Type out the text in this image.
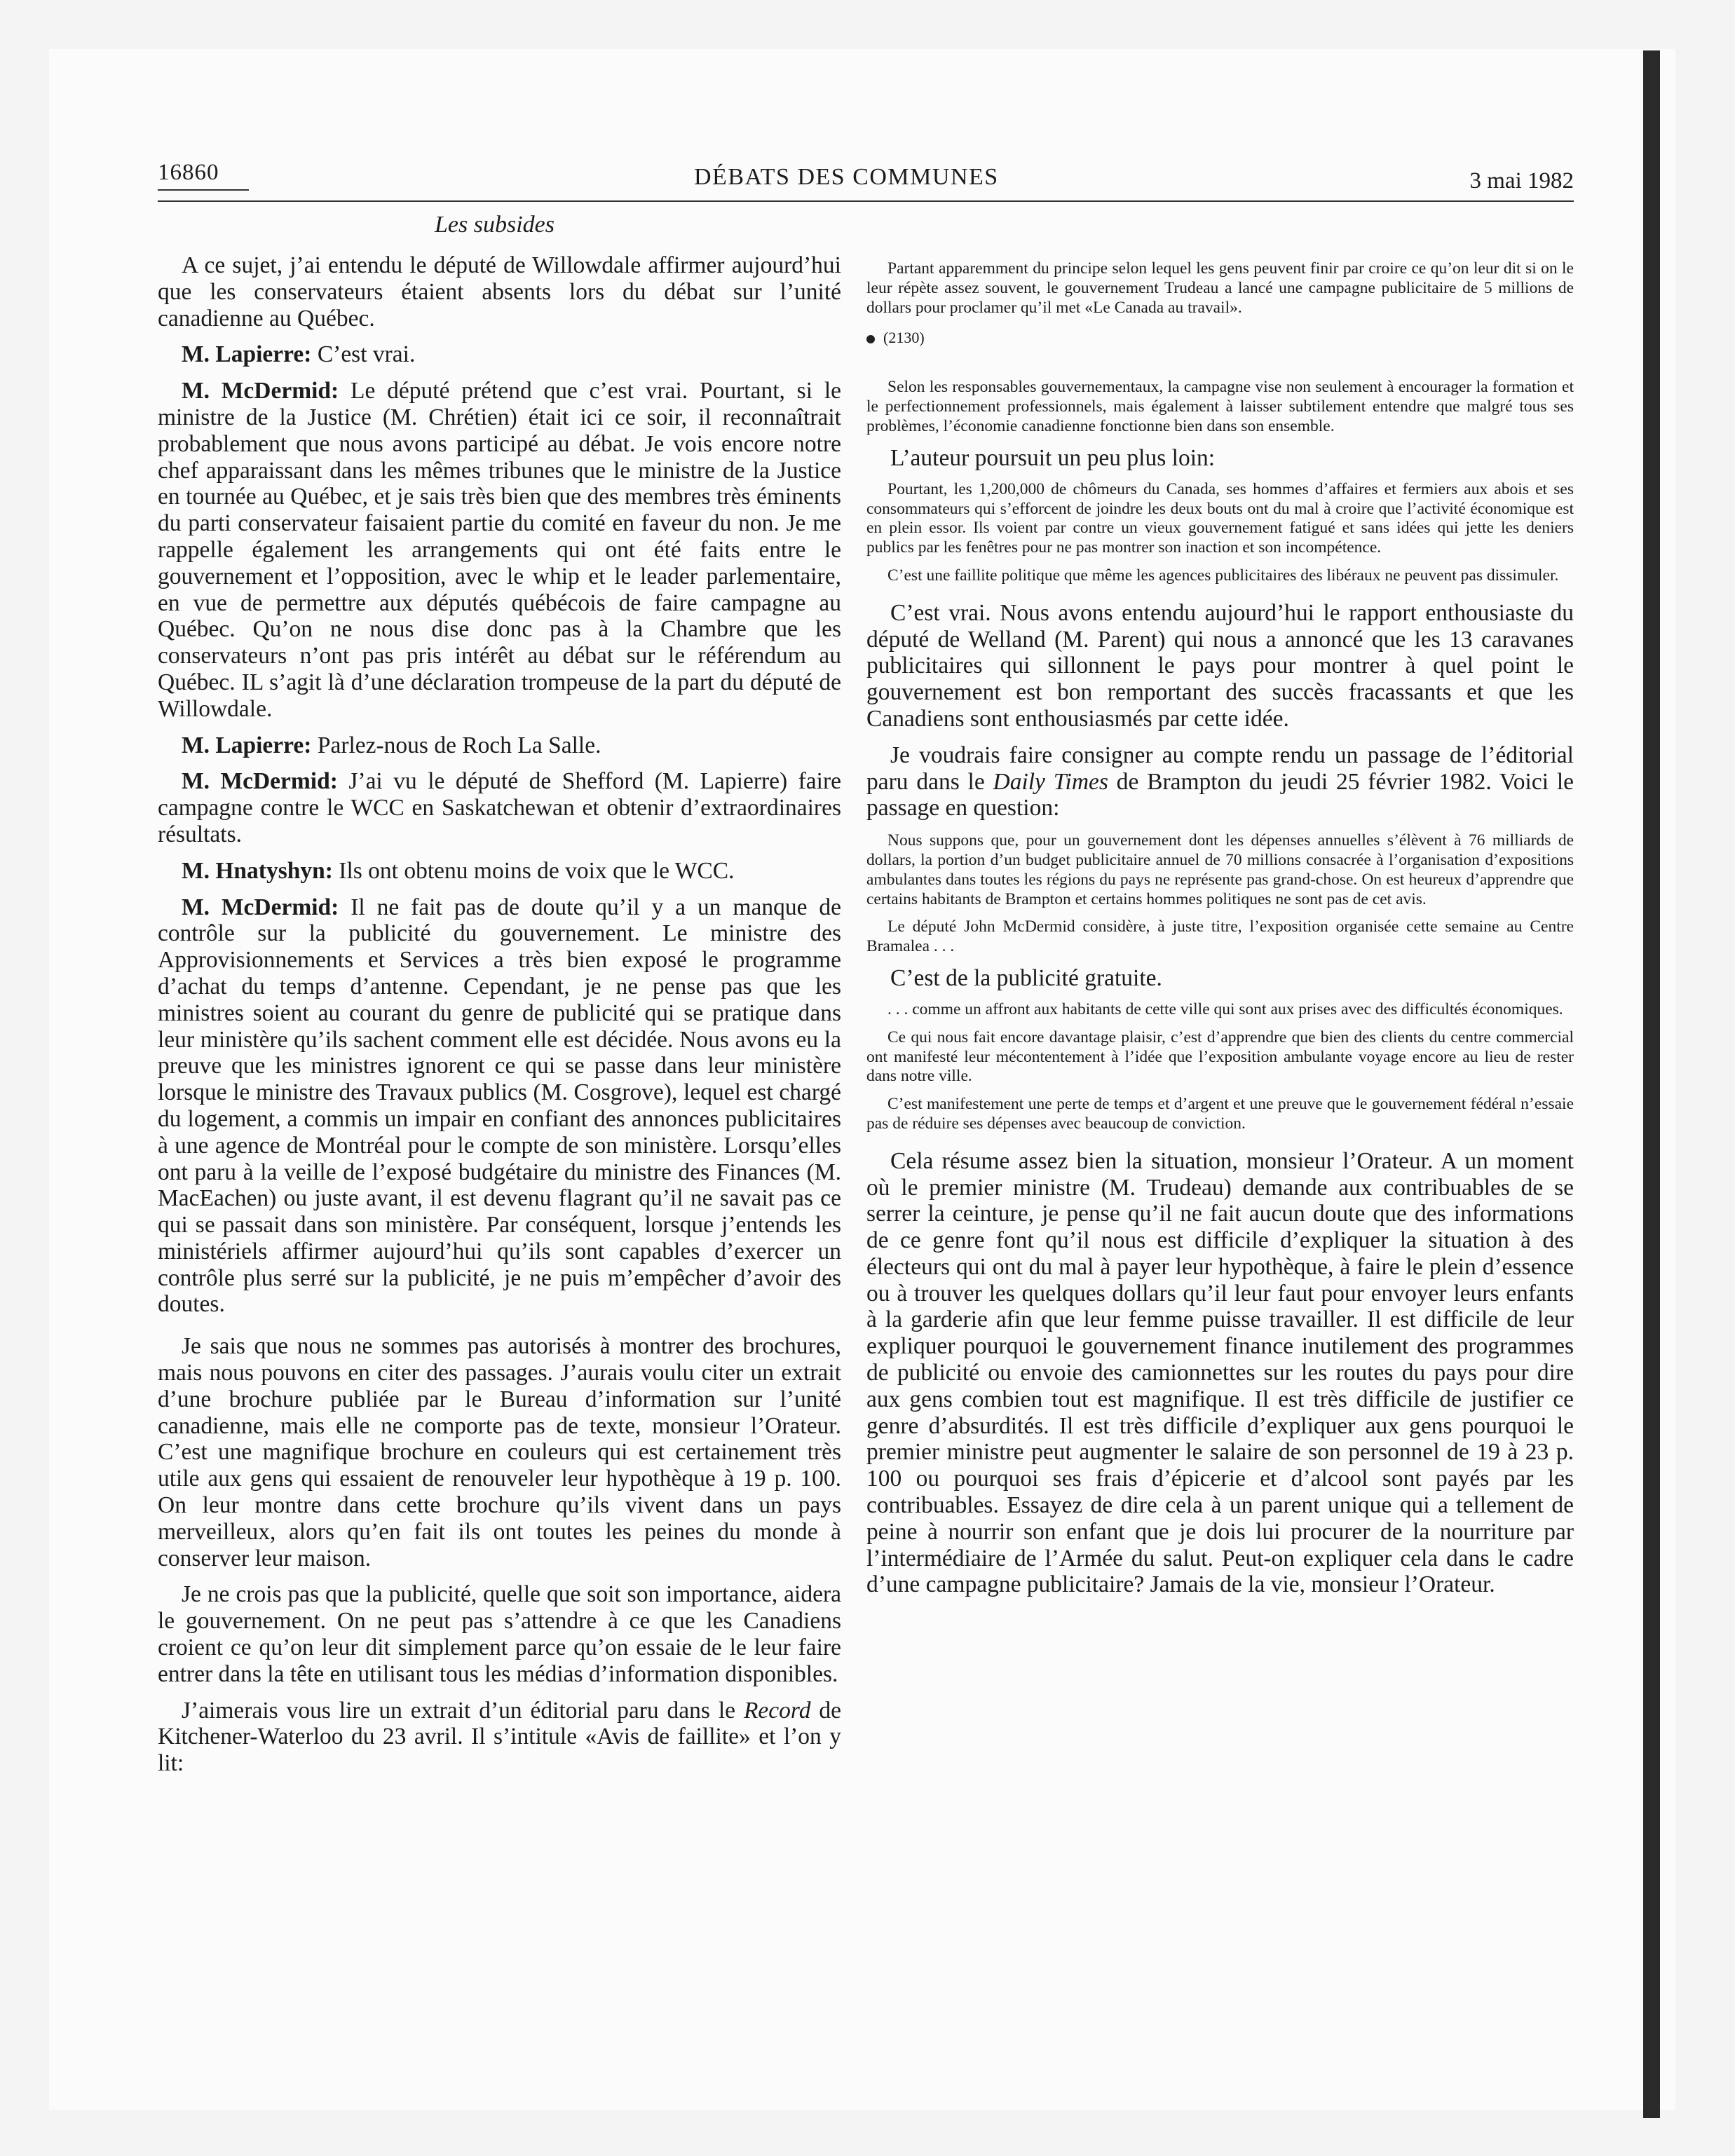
16860	DÉBATS DES COMMUNES	3 mai 1982
Les subsides

A ce sujet, j’ai entendu le député de Willowdale affirmer aujourd’hui que les conservateurs étaient absents lors du débat sur l’unité canadienne au Québec.

M. Lapierre: C’est vrai.

M. McDermid: Le député prétend que c’est vrai. Pourtant, si le ministre de la Justice (M. Chrétien) était ici ce soir, il reconnaîtrait probablement que nous avons participé au débat. Je vois encore notre chef apparaissant dans les mêmes tribunes que le ministre de la Justice en tournée au Québec, et je sais très bien que des membres très éminents du parti conservateur faisaient partie du comité en faveur du non. Je me rappelle également les arrangements qui ont été faits entre le gouvernement et l’opposition, avec le whip et le leader parlementaire, en vue de permettre aux députés québécois de faire campagne au Québec. Qu’on ne nous dise donc pas à la Chambre que les conservateurs n’ont pas pris intérêt au débat sur le référendum au Québec. IL s’agit là d’une déclaration trompeuse de la part du député de Willowdale.

M. Lapierre: Parlez-nous de Roch La Salle.

M. McDermid: J’ai vu le député de Shefford (M. Lapierre) faire campagne contre le WCC en Saskatchewan et obtenir d’extraordinaires résultats.

M. Hnatyshyn: Ils ont obtenu moins de voix que le WCC.

M. McDermid: Il ne fait pas de doute qu’il y a un manque de contrôle sur la publicité du gouvernement. Le ministre des Approvisionnements et Services a très bien exposé le programme d’achat du temps d’antenne. Cependant, je ne pense pas que les ministres soient au courant du genre de publicité qui se pratique dans leur ministère qu’ils sachent comment elle est décidée. Nous avons eu la preuve que les ministres ignorent ce qui se passe dans leur ministère lorsque le ministre des Travaux publics (M. Cosgrove), lequel est chargé du logement, a commis un impair en confiant des annonces publicitaires à une agence de Montréal pour le compte de son ministère. Lorsqu’elles ont paru à la veille de l’exposé budgétaire du ministre des Finances (M. MacEachen) ou juste avant, il est devenu flagrant qu’il ne savait pas ce qui se passait dans son ministère. Par conséquent, lorsque j’entends les ministériels affirmer aujourd’hui qu’ils sont capables d’exercer un contrôle plus serré sur la publicité, je ne puis m’empêcher d’avoir des doutes.

Je sais que nous ne sommes pas autorisés à montrer des brochures, mais nous pouvons en citer des passages. J’aurais voulu citer un extrait d’une brochure publiée par le Bureau d’information sur l’unité canadienne, mais elle ne comporte pas de texte, monsieur l’Orateur. C’est une magnifique brochure en couleurs qui est certainement très utile aux gens qui essaient de renouveler leur hypothèque à 19 p. 100. On leur montre dans cette brochure qu’ils vivent dans un pays merveilleux, alors qu’en fait ils ont toutes les peines du monde à conserver leur maison.

Je ne crois pas que la publicité, quelle que soit son importance, aidera le gouvernement. On ne peut pas s’attendre à ce que les Canadiens croient ce qu’on leur dit simplement parce qu’on essaie de le leur faire entrer dans la tête en utilisant tous les médias d’information disponibles.

J’aimerais vous lire un extrait d’un éditorial paru dans le Record de Kitchener-Waterloo du 23 avril. Il s’intitule «Avis de faillite» et l’on y lit:

Partant apparemment du principe selon lequel les gens peuvent finir par croire ce qu’on leur dit si on le leur répète assez souvent, le gouvernement Trudeau a lancé une campagne publicitaire de 5 millions de dollars pour proclamer qu’il met «Le Canada au travail».

(2130)

Selon les responsables gouvernementaux, la campagne vise non seulement à encourager la formation et le perfectionnement professionnels, mais également à laisser subtilement entendre que malgré tous ses problèmes, l’économie canadienne fonctionne bien dans son ensemble.

L’auteur poursuit un peu plus loin:

Pourtant, les 1,200,000 de chômeurs du Canada, ses hommes d’affaires et fermiers aux abois et ses consommateurs qui s’efforcent de joindre les deux bouts ont du mal à croire que l’activité économique est en plein essor. Ils voient par contre un vieux gouvernement fatigué et sans idées qui jette les deniers publics par les fenêtres pour ne pas montrer son inaction et son incompétence.

C’est une faillite politique que même les agences publicitaires des libéraux ne peuvent pas dissimuler.

C’est vrai. Nous avons entendu aujourd’hui le rapport enthousiaste du député de Welland (M. Parent) qui nous a annoncé que les 13 caravanes publicitaires qui sillonnent le pays pour montrer à quel point le gouvernement est bon remportant des succès fracassants et que les Canadiens sont enthousiasmés par cette idée.

Je voudrais faire consigner au compte rendu un passage de l’éditorial paru dans le Daily Times de Brampton du jeudi 25 février 1982. Voici le passage en question:

Nous suppons que, pour un gouvernement dont les dépenses annuelles s’élèvent à 76 milliards de dollars, la portion d’un budget publicitaire annuel de 70 millions consacrée à l’organisation d’expositions ambulantes dans toutes les régions du pays ne représente pas grand-chose. On est heureux d’apprendre que certains habitants de Brampton et certains hommes politiques ne sont pas de cet avis.

Le député John McDermid considère, à juste titre, l’exposition organisée cette semaine au Centre Bramalea . . .

C’est de la publicité gratuite.

. . . comme un affront aux habitants de cette ville qui sont aux prises avec des difficultés économiques.

Ce qui nous fait encore davantage plaisir, c’est d’apprendre que bien des clients du centre commercial ont manifesté leur mécontentement à l’idée que l’exposition ambulante voyage encore au lieu de rester dans notre ville.

C’est manifestement une perte de temps et d’argent et une preuve que le gouvernement fédéral n’essaie pas de réduire ses dépenses avec beaucoup de conviction.

Cela résume assez bien la situation, monsieur l’Orateur. A un moment où le premier ministre (M. Trudeau) demande aux contribuables de se serrer la ceinture, je pense qu’il ne fait aucun doute que des informations de ce genre font qu’il nous est difficile d’expliquer la situation à des électeurs qui ont du mal à payer leur hypothèque, à faire le plein d’essence ou à trouver les quelques dollars qu’il leur faut pour envoyer leurs enfants à la garderie afin que leur femme puisse travailler. Il est difficile de leur expliquer pourquoi le gouvernement finance inutilement des programmes de publicité ou envoie des camionnettes sur les routes du pays pour dire aux gens combien tout est magnifique. Il est très difficile de justifier ce genre d’absurdités. Il est très difficile d’expliquer aux gens pourquoi le premier ministre peut augmenter le salaire de son personnel de 19 à 23 p. 100 ou pourquoi ses frais d’épicerie et d’alcool sont payés par les contribuables. Essayez de dire cela à un parent unique qui a tellement de peine à nourrir son enfant que je dois lui procurer de la nourriture par l’intermédiaire de l’Armée du salut. Peut-on expliquer cela dans le cadre d’une campagne publicitaire? Jamais de la vie, monsieur l’Orateur.
